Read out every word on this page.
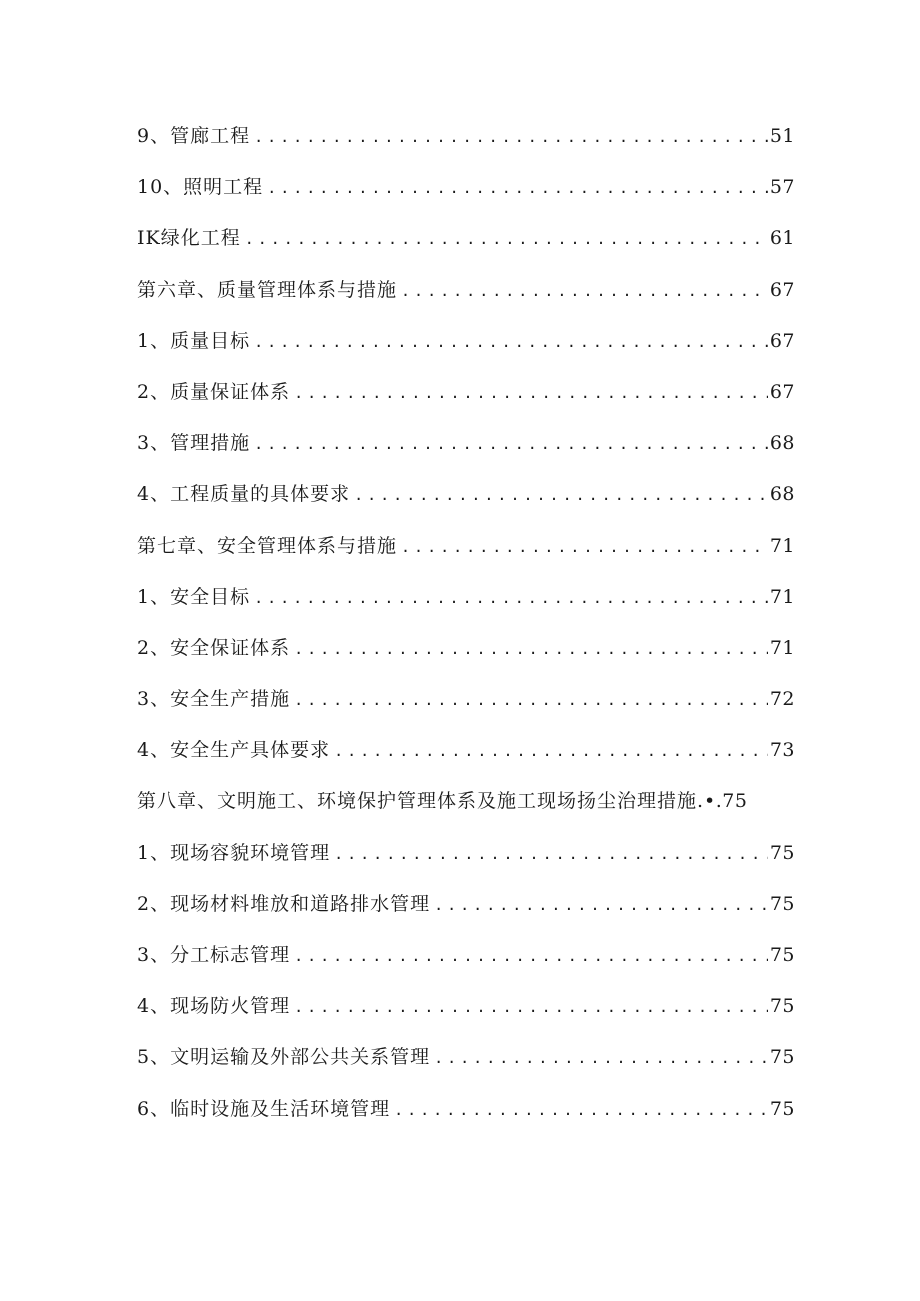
9、管廊工程 .....	51
10、照明工程 .....	57
IK绿化工程 .....	61
第六章、质量管理体系与措施 .....	67
1、质量目标 .....	67
2、质量保证体系 .....	67
3、管理措施 .....	68
4、工程质量的具体要求 .....	68
第七章、安全管理体系与措施 .....	71
1、安全目标 .....	71
2、安全保证体系 .....	71
3、安全生产措施 .....	72
4、安全生产具体要求 .....	73
第八章、文明施工、环境保护管理体系及施工现场扬尘治理措施. •.75
1、现场容貌环境管理 .....	75
2、现场材料堆放和道路排水管理 .....	75
3、分工标志管理 .....	75
4、现场防火管理 .....	75
5、文明运输及外部公共关系管理 .....	75
6、临时设施及生活环境管理 .....	75
